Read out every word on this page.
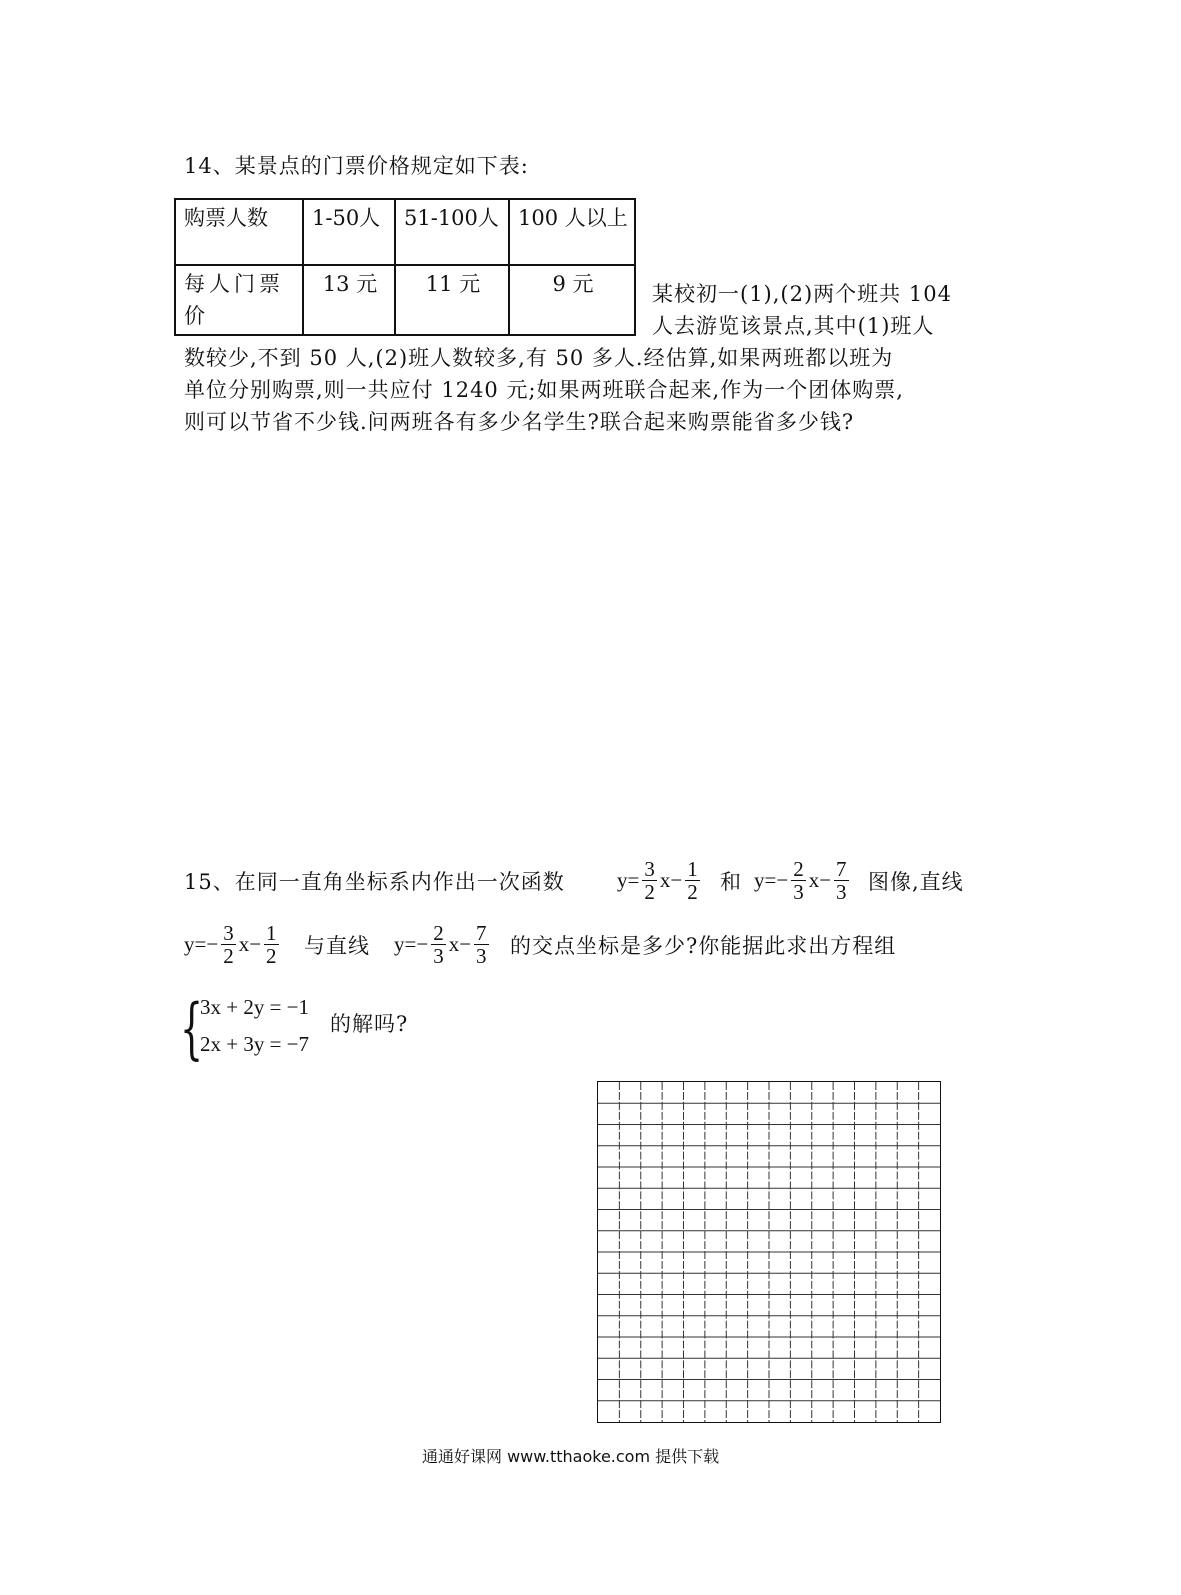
14、某景点的门票价格规定如下表:
购票人数	1-50人	51-100人	100 人以上

每人门票价	13 元	11 元	9 元	某校初一(1),(2)两个班共 104
人去游览该景点,其中(1)班人
数较少,不到 50 人,(2)班人数较多,有 50 多人.经估算,如果两班都以班为
单位分别购票,则一共应付 1240 元;如果两班联合起来,作为一个团体购票,
则可以节省不少钱.问两班各有多少名学生?联合起来购票能省多少钱?
15、在同一直角坐标系内作出一次函数 $y= \frac{3}{2} x- \frac{1}{2}$ 和 $y=- \frac{2}{3} x- \frac{7}{3}$ 图像,直线
$y=- \frac{3}{2} x- \frac{1}{2}$ 与直线 $y=- \frac{2}{3} x- \frac{7}{3}$ 的交点坐标是多少?你能据此求出方程组
{
3x + 2y = −1
2x + 3y = −7
的解吗?
通通好课网 www.tthaoke.com 提供下载
